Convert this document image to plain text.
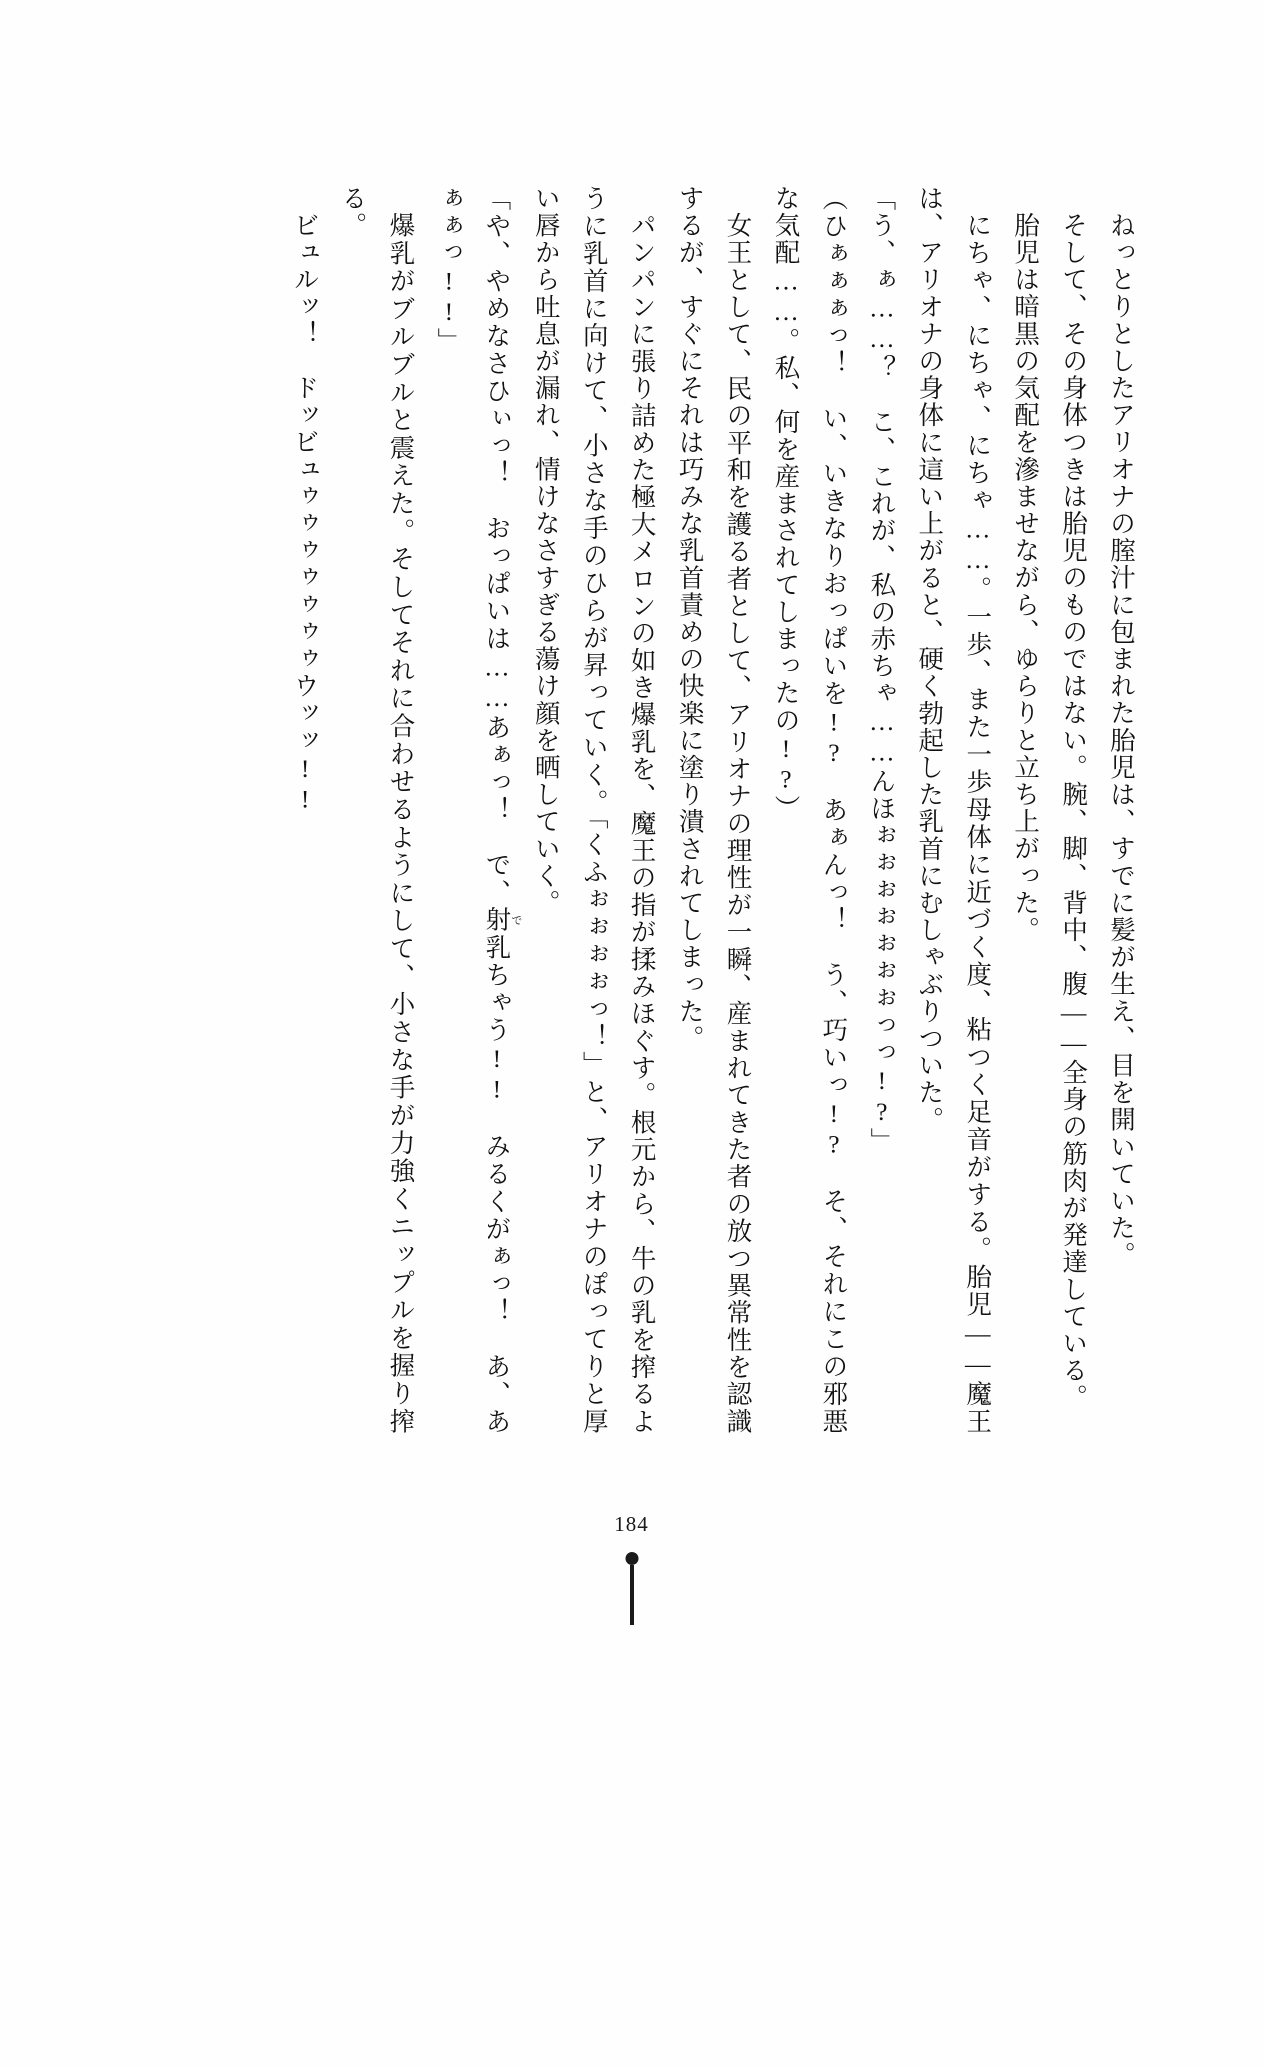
ねっとりとしたアリオナの腟汁に包まれた胎児は、すでに髪が生え、目を開いていた。

そして、その身体つきは胎児のものではない。腕、脚、背中、腹——全身の筋肉が発達している。

胎児は暗黒の気配を滲ませながら、ゆらりと立ち上がった。

にちゃ、にちゃ、にちゃ……。一歩、また一歩母体に近づく度、粘つく足音がする。胎児——魔王は、アリオナの身体に這い上がると、硬く勃起した乳首にむしゃぶりついた。

「う、ぁ……？　こ、これが、私の赤ちゃ……んほぉぉぉぉぉぉぉっっ!?」

（ひぁぁぁっ！　い、いきなりおっぱいを!?　あぁんっ！　う、巧いっ!?　そ、それにこの邪悪な気配……。私、何を産まされてしまったの!?）

女王として、民の平和を護る者として、アリオナの理性が一瞬、産まれてきた者の放つ異常性を認識するが、すぐにそれは巧みな乳首責めの快楽に塗り潰されてしまった。

パンパンに張り詰めた極大メロンの如き爆乳を、魔王の指が揉みほぐす。根元から、牛の乳を搾るように乳首に向けて、小さな手のひらが昇っていく。「くふぉぉぉぉっ！」と、アリオナのぽってりと厚い唇から吐息が漏れ、情けなさすぎる蕩け顔を晒していく。

「や、やめなさひぃっ！　おっぱいは……あぁっ！　で、射で乳ちゃう!!　みるくがぁっ！　あ、あぁぁっ!!」

爆乳がブルブルと震えた。そしてそれに合わせるようにして、小さな手が力強くニップルを握り搾る。

ビュルッ！　ドッビュゥゥゥゥゥゥゥウッッ!!

184
